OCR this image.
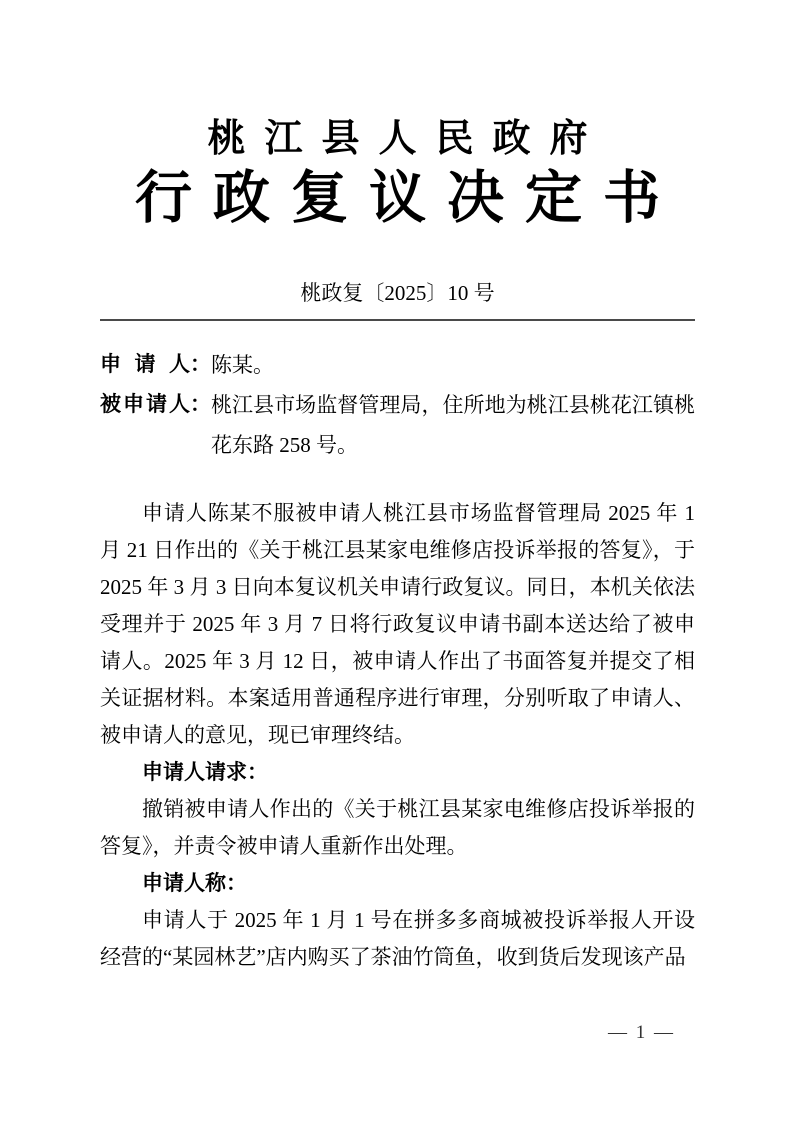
桃江县人民政府
行政复议决定书
桃政复〔2025〕10 号
申请人： 陈某。
被申请人： 桃江县市场监督管理局，住所地为桃江县桃花江镇桃花东路 258 号。

申请人陈某不服被申请人桃江县市场监督管理局 2025 年 1 月 21 日作出的《关于桃江县某家电维修店投诉举报的答复》，于 2025 年 3 月 3 日向本复议机关申请行政复议。同日，本机关依法受理并于 2025 年 3 月 7 日将行政复议申请书副本送达给了被申请人。2025 年 3 月 12 日，被申请人作出了书面答复并提交了相关证据材料。本案适用普通程序进行审理，分别听取了申请人、被申请人的意见，现已审理终结。

申请人请求：

撤销被申请人作出的《关于桃江县某家电维修店投诉举报的答复》，并责令被申请人重新作出处理。

申请人称：

申请人于 2025 年 1 月 1 号在拼多多商城被投诉举报人开设经营的“某园林艺”店内购买了茶油竹筒鱼，收到货后发现该产品

— 1 —
